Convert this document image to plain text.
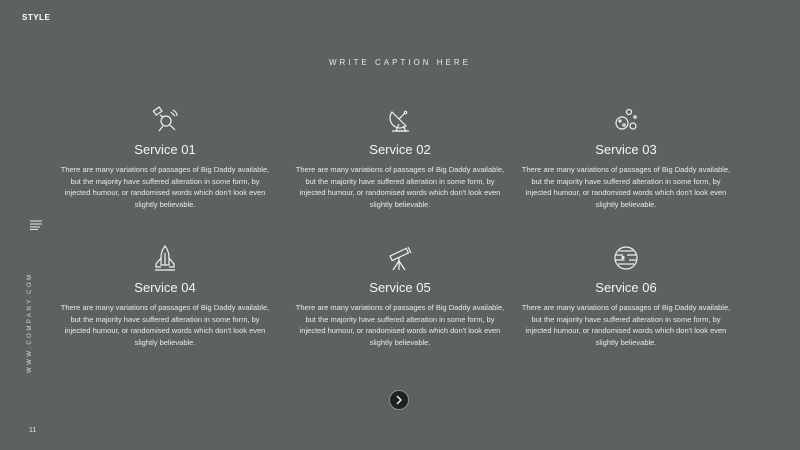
STYLE
WRITE CAPTION HERE
WWW.COMPANY.COM
11
Service 01
There are many variations of passages of Big Daddy available, but the majority have suffered alteration in some form, by injected humour, or randomised words which don't look even slightly believable.
Service 02
There are many variations of passages of Big Daddy available, but the majority have suffered alteration in some form, by injected humour, or randomised words which don't look even slightly believable.
Service 03
There are many variations of passages of Big Daddy available, but the majority have suffered alteration in some form, by injected humour, or randomised words which don't look even slightly believable.
Service 04
There are many variations of passages of Big Daddy available, but the majority have suffered alteration in some form, by injected humour, or randomised words which don't look even slightly believable.
Service 05
There are many variations of passages of Big Daddy available, but the majority have suffered alteration in some form, by injected humour, or randomised words which don't look even slightly believable.
Service 06
There are many variations of passages of Big Daddy available, but the majority have suffered alteration in some form, by injected humour, or randomised words which don't look even slightly believable.
